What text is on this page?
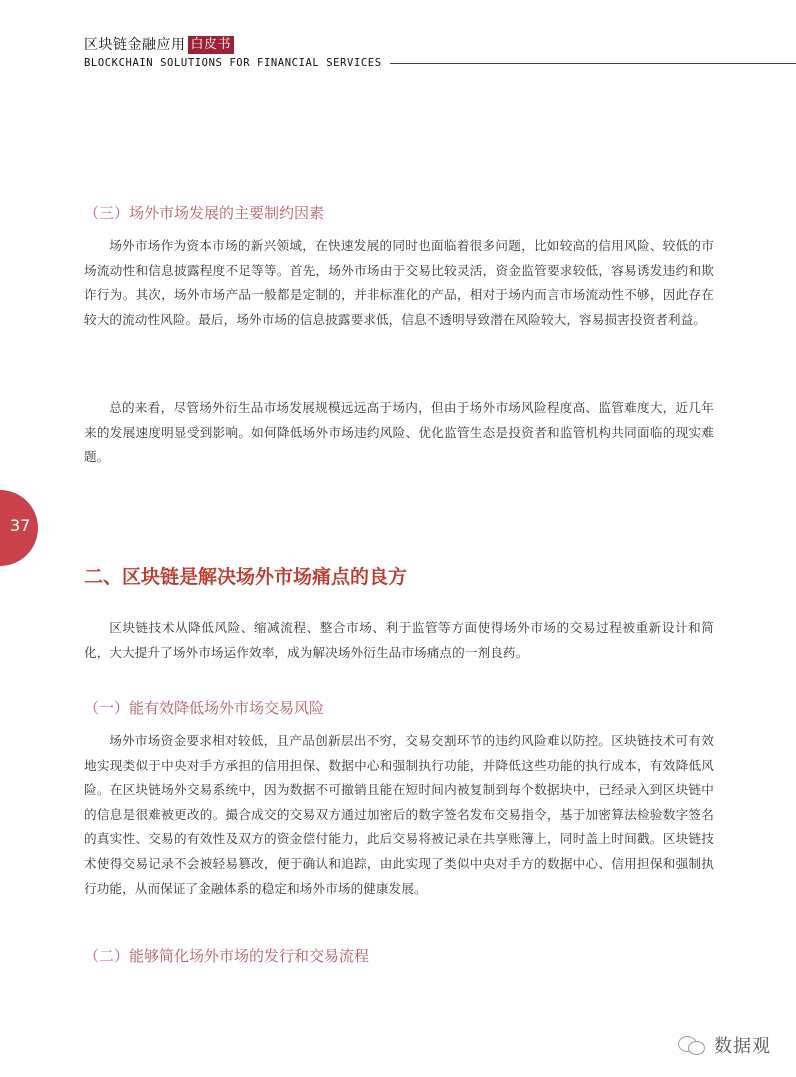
区块链金融应用 白皮书
BLOCKCHAIN SOLUTIONS FOR FINANCIAL SERVICES
（三）场外市场发展的主要制约因素

场外市场作为资本市场的新兴领域，在快速发展的同时也面临着很多问题，比如较高的信用风险、较低的市场流动性和信息披露程度不足等等。首先，场外市场由于交易比较灵活，资金监管要求较低，容易诱发违约和欺诈行为。其次，场外市场产品一般都是定制的，并非标准化的产品，相对于场内而言市场流动性不够，因此存在较大的流动性风险。最后，场外市场的信息披露要求低，信息不透明导致潜在风险较大，容易损害投资者利益。

总的来看，尽管场外衍生品市场发展规模远远高于场内，但由于场外市场风险程度高、监管难度大，近几年来的发展速度明显受到影响。如何降低场外市场违约风险、优化监管生态是投资者和监管机构共同面临的现实难题。

37
二、区块链是解决场外市场痛点的良方

区块链技术从降低风险、缩减流程、整合市场、利于监管等方面使得场外市场的交易过程被重新设计和简化，大大提升了场外市场运作效率，成为解决场外衍生品市场痛点的一剂良药。

（一）能有效降低场外市场交易风险

场外市场资金要求相对较低，且产品创新层出不穷，交易交割环节的违约风险难以防控。区块链技术可有效地实现类似于中央对手方承担的信用担保、数据中心和强制执行功能，并降低这些功能的执行成本，有效降低风险。在区块链场外交易系统中，因为数据不可撤销且能在短时间内被复制到每个数据块中，已经录入到区块链中的信息是很难被更改的。撮合成交的交易双方通过加密后的数字签名发布交易指令，基于加密算法检验数字签名的真实性、交易的有效性及双方的资金偿付能力，此后交易将被记录在共享账簿上，同时盖上时间戳。区块链技术使得交易记录不会被轻易篡改，便于确认和追踪，由此实现了类似中央对手方的数据中心、信用担保和强制执行功能，从而保证了金融体系的稳定和场外市场的健康发展。

（二）能够简化场外市场的发行和交易流程
数据观
